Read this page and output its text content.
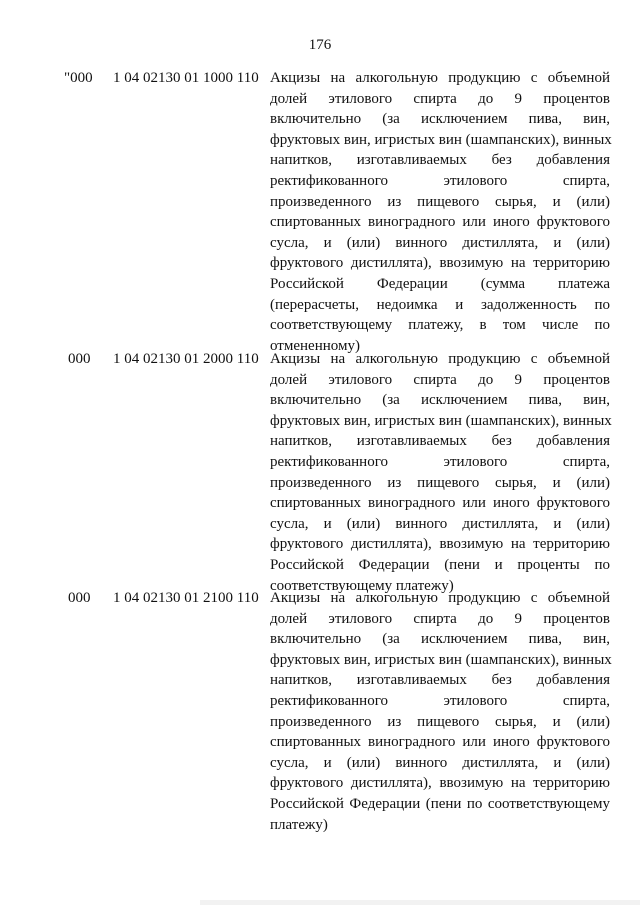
176
"000 1 04 02130 01 1000 110 Акцизы на алкогольную продукцию с объемной
долей этилового спирта до 9 процентов
включительно (за исключением пива, вин,
фруктовых вин, игристых вин (шампанских), винных
напитков, изготавливаемых без добавления
ректификованного этилового спирта,
произведенного из пищевого сырья, и (или)
спиртованных виноградного или иного фруктового
сусла, и (или) винного дистиллята, и (или)
фруктового дистиллята), ввозимую на территорию
Российской Федерации (сумма платежа
(перерасчеты, недоимка и задолженность по
соответствующему платежу, в том числе по
отмененному)
000 1 04 02130 01 2000 110 Акцизы на алкогольную продукцию с объемной
долей этилового спирта до 9 процентов
включительно (за исключением пива, вин,
фруктовых вин, игристых вин (шампанских), винных
напитков, изготавливаемых без добавления
ректификованного этилового спирта,
произведенного из пищевого сырья, и (или)
спиртованных виноградного или иного фруктового
сусла, и (или) винного дистиллята, и (или)
фруктового дистиллята), ввозимую на территорию
Российской Федерации (пени и проценты по
соответствующему платежу)
000 1 04 02130 01 2100 110 Акцизы на алкогольную продукцию с объемной
долей этилового спирта до 9 процентов
включительно (за исключением пива, вин,
фруктовых вин, игристых вин (шампанских), винных
напитков, изготавливаемых без добавления
ректификованного этилового спирта,
произведенного из пищевого сырья, и (или)
спиртованных виноградного или иного фруктового
сусла, и (или) винного дистиллята, и (или)
фруктового дистиллята), ввозимую на территорию
Российской Федерации (пени по соответствующему
платежу)
